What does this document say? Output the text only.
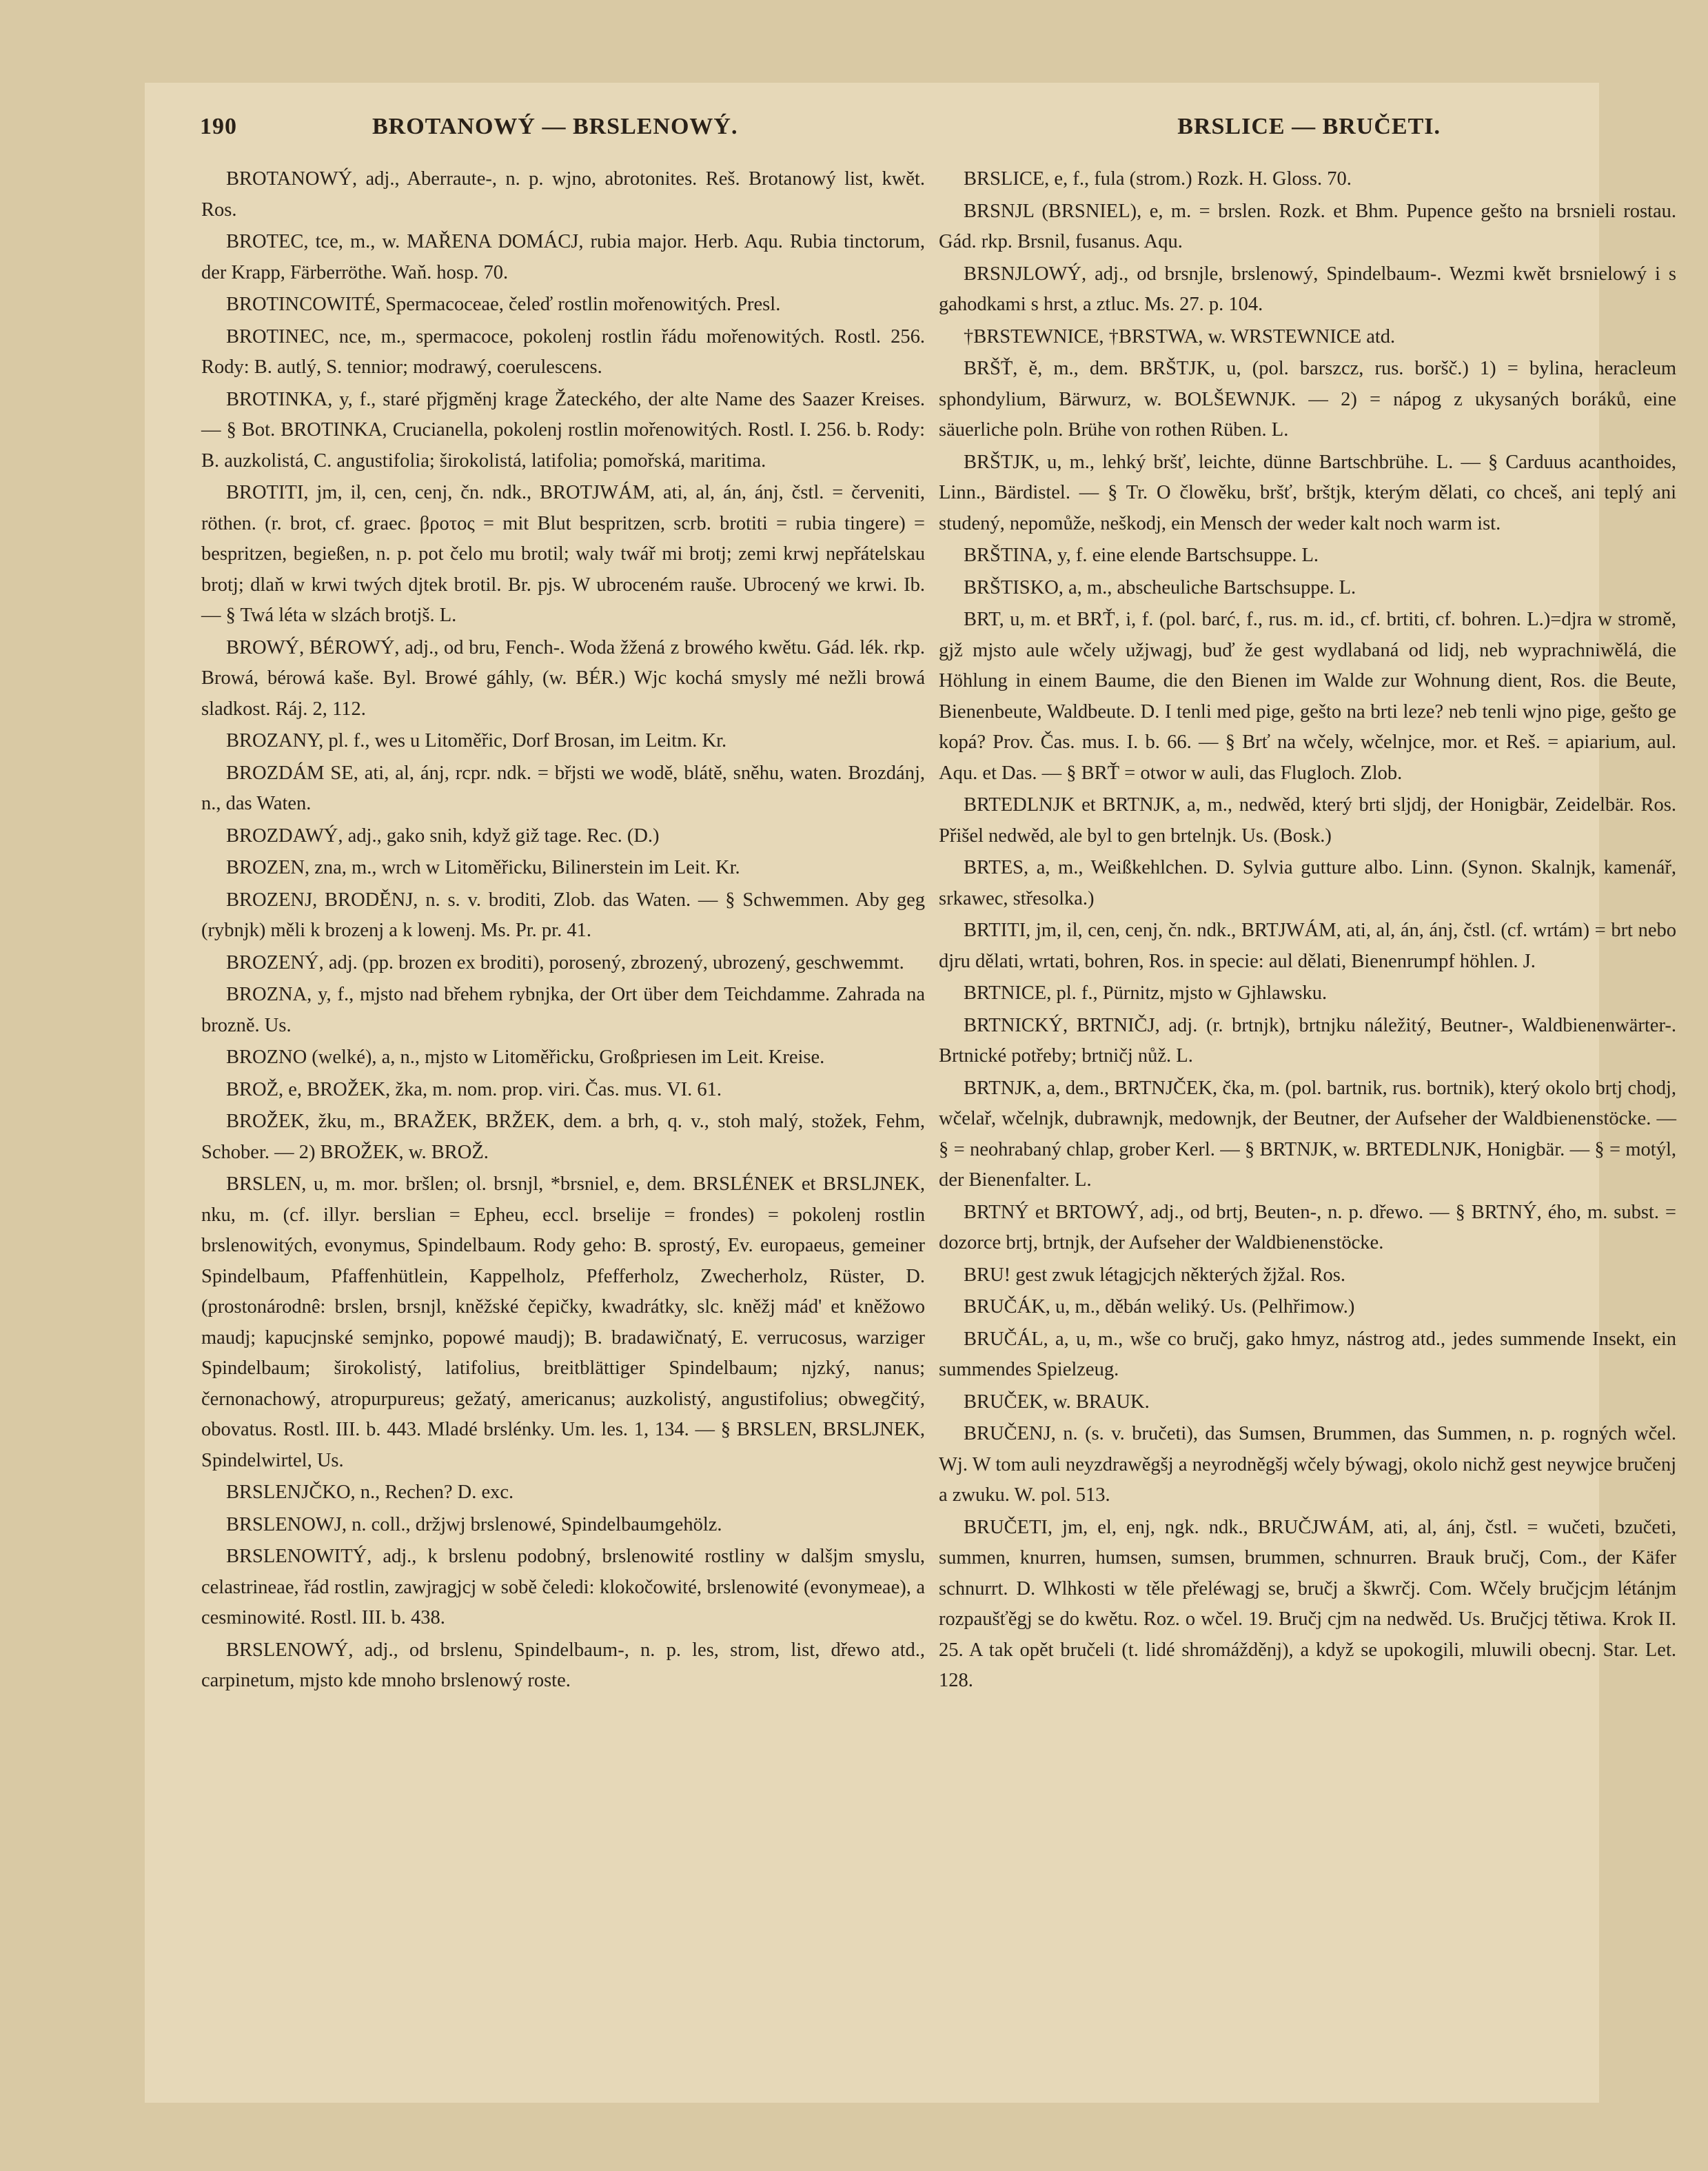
190	BROTANOWÝ — BRSLENOWÝ.	BRSLICE — BRUČETI.

BROTANOWÝ, adj., Aberraute-, n. p. wjno, abrotonites. Reš. Brotanowý list, kwět. Ros.

BROTEC, tce, m., w. MAŘENA DOMÁCJ, rubia major. Herb. Aqu. Rubia tinctorum, der Krapp, Färberröthe. Waň. hosp. 70.

BROTINCOWITÉ, Spermacoceae, čeleď rostlin mořenowitých. Presl.

BROTINEC, nce, m., spermacoce, pokolenj rostlin řádu mořenowitých. Rostl. 256. Rody: B. autlý, S. tennior; modrawý, coerulescens.

BROTINKA, y, f., staré přjgměnj krage Žateckého, der alte Name des Saazer Kreises. — § Bot. BROTINKA, Crucianella, pokolenj rostlin mořenowitých. Rostl. I. 256. b. Rody: B. auzkolistá, C. angustifolia; širokolistá, latifolia; pomořská, maritima.

BROTITI, jm, il, cen, cenj, čn. ndk., BROTJWÁM, ati, al, án, ánj, čstl. = červeniti, röthen. (r. brot, cf. graec. βροτος = mit Blut bespritzen, scrb. brotiti = rubia tingere) = bespritzen, begießen, n. p. pot čelo mu brotil; waly twář mi brotj; zemi krwj nepřátelskau brotj; dlaň w krwi twých djtek brotil. Br. pjs. W ubroceném rauše. Ubrocený we krwi. Ib. — § Twá léta w slzách brotjš. L.

BROWÝ, BÉROWÝ, adj., od bru, Fench-. Woda žžená z browého kwětu. Gád. lék. rkp. Browá, bérowá kaše. Byl. Browé gáhly, (w. BÉR.) Wjc kochá smysly mé nežli browá sladkost. Ráj. 2, 112.

BROZANY, pl. f., wes u Litoměřic, Dorf Brosan, im Leitm. Kr.

BROZDÁM SE, ati, al, ánj, rcpr. ndk. = břjsti we wodě, blátě, sněhu, waten. Brozdánj, n., das Waten.

BROZDAWÝ, adj., gako snih, když giž tage. Rec. (D.)

BROZEN, zna, m., wrch w Litoměřicku, Bilinerstein im Leit. Kr.

BROZENJ, BRODĚNJ, n. s. v. broditi, Zlob. das Waten. — § Schwemmen. Aby geg (rybnjk) měli k brozenj a k lowenj. Ms. Pr. pr. 41.

BROZENÝ, adj. (pp. brozen ex broditi), porosený, zbrozený, ubrozený, geschwemmt.

BROZNA, y, f., mjsto nad břehem rybnjka, der Ort über dem Teichdamme. Zahrada na brozně. Us.

BROZNO (welké), a, n., mjsto w Litoměřicku, Großpriesen im Leit. Kreise.

BROŽ, e, BROŽEK, žka, m. nom. prop. viri. Čas. mus. VI. 61.

BROŽEK, žku, m., BRAŽEK, BRŽEK, dem. a brh, q. v., stoh malý, stožek, Fehm, Schober. — 2) BROŽEK, w. BROŽ.

BRSLEN, u, m. mor. bršlen; ol. brsnjl, *brsniel, e, dem. BRSLÉNEK et BRSLJNEK, nku, m. (cf. illyr. berslian = Epheu, eccl. brselije = frondes) = pokolenj rostlin brslenowitých, evonymus, Spindelbaum. Rody geho: B. sprostý, Ev. europaeus, gemeiner Spindelbaum, Pfaffenhütlein, Kappelholz, Pfefferholz, Zwecherholz, Rüster, D. (prostonárodnê: brslen, brsnjl, kněžské čepičky, kwadrátky, slc. kněžj mád' et kněžowo maudj; kapucjnské semjnko, popowé maudj); B. bradawičnatý, E. verrucosus, warziger Spindelbaum; širokolistý, latifolius, breitblättiger Spindelbaum; njzký, nanus; černonachowý, atropurpureus; gežatý, americanus; auzkolistý, angustifolius; obwegčitý, obovatus. Rostl. III. b. 443. Mladé brslénky. Um. les. 1, 134. — § BRSLEN, BRSLJNEK, Spindelwirtel, Us.

BRSLENJČKO, n., Rechen? D. exc.

BRSLENOWJ, n. coll., držjwj brslenowé, Spindelbaumgehölz.

BRSLENOWITÝ, adj., k brslenu podobný, brslenowité rostliny w dalšjm smyslu, celastrineae, řád rostlin, zawjragjcj w sobě čeledi: klokočowité, brslenowité (evonymeae), a cesminowité. Rostl. III. b. 438.

BRSLENOWÝ, adj., od brslenu, Spindelbaum-, n. p. les, strom, list, dřewo atd., carpinetum, mjsto kde mnoho brslenowý roste.

BRSLICE, e, f., fula (strom.) Rozk. H. Gloss. 70.

BRSNJL (BRSNIEL), e, m. = brslen. Rozk. et Bhm. Pupence gešto na brsnieli rostau. Gád. rkp. Brsnil, fusanus. Aqu.

BRSNJLOWÝ, adj., od brsnjle, brslenowý, Spindelbaum-. Wezmi kwět brsnielowý i s gahodkami s hrst, a ztluc. Ms. 27. p. 104.

†BRSTEWNICE, †BRSTWA, w. WRSTEWNICE atd.

BRŠŤ, ě, m., dem. BRŠTJK, u, (pol. barszcz, rus. boršč.) 1) = bylina, heracleum sphondylium, Bärwurz, w. BOLŠEWNJK. — 2) = nápog z ukysaných boráků, eine säuerliche poln. Brühe von rothen Rüben. L.

BRŠTJK, u, m., lehký bršť, leichte, dünne Bartschbrühe. L. — § Carduus acanthoides, Linn., Bärdistel. — § Tr. O člowěku, bršť, brštjk, kterým dělati, co chceš, ani teplý ani studený, nepomůže, neškodj, ein Mensch der weder kalt noch warm ist.

BRŠTINA, y, f. eine elende Bartschsuppe. L.

BRŠTISKO, a, m., abscheuliche Bartschsuppe. L.

BRT, u, m. et BRŤ, i, f. (pol. barć, f., rus. m. id., cf. brtiti, cf. bohren. L.)=djra w stromě, gjž mjsto aule wčely užjwagj, buď že gest wydlabaná od lidj, neb wyprachniwělá, die Höhlung in einem Baume, die den Bienen im Walde zur Wohnung dient, Ros. die Beute, Bienenbeute, Waldbeute. D. I tenli med pige, gešto na brti leze? neb tenli wjno pige, gešto ge kopá? Prov. Čas. mus. I. b. 66. — § Brť na wčely, wčelnjce, mor. et Reš. = apiarium, aul. Aqu. et Das. — § BRŤ = otwor w auli, das Flugloch. Zlob.

BRTEDLNJK et BRTNJK, a, m., nedwěd, který brti sljdj, der Honigbär, Zeidelbär. Ros. Přišel nedwěd, ale byl to gen brtelnjk. Us. (Bosk.)

BRTES, a, m., Weißkehlchen. D. Sylvia gutture albo. Linn. (Synon. Skalnjk, kamenář, srkawec, střesolka.)

BRTITI, jm, il, cen, cenj, čn. ndk., BRTJWÁM, ati, al, án, ánj, čstl. (cf. wrtám) = brt nebo djru dělati, wrtati, bohren, Ros. in specie: aul dělati, Bienenrumpf höhlen. J.

BRTNICE, pl. f., Pürnitz, mjsto w Gjhlawsku.

BRTNICKÝ, BRTNIČJ, adj. (r. brtnjk), brtnjku náležitý, Beutner-, Waldbienenwärter-. Brtnické potřeby; brtničj nůž. L.

BRTNJK, a, dem., BRTNJČEK, čka, m. (pol. bartnik, rus. bortnik), který okolo brtj chodj, wčelař, wčelnjk, dubrawnjk, medownjk, der Beutner, der Aufseher der Waldbienenstöcke. — § = neohrabaný chlap, grober Kerl. — § BRTNJK, w. BRTEDLNJK, Honigbär. — § = motýl, der Bienenfalter. L.

BRTNÝ et BRTOWÝ, adj., od brtj, Beuten-, n. p. dřewo. — § BRTNÝ, ého, m. subst. = dozorce brtj, brtnjk, der Aufseher der Waldbienenstöcke.

BRU! gest zwuk létagjcjch některých žjžal. Ros.

BRUČÁK, u, m., děbán weliký. Us. (Pelhřimow.)

BRUČÁL, a, u, m., wše co bručj, gako hmyz, nástrog atd., jedes summende Insekt, ein summendes Spielzeug.

BRUČEK, w. BRAUK.

BRUČENJ, n. (s. v. bručeti), das Sumsen, Brummen, das Summen, n. p. rogných wčel. Wj. W tom auli neyzdrawěgšj a neyrodněgšj wčely býwagj, okolo nichž gest neywjce bručenj a zwuku. W. pol. 513.

BRUČETI, jm, el, enj, ngk. ndk., BRUČJWÁM, ati, al, ánj, čstl. = wučeti, bzučeti, summen, knurren, humsen, sumsen, brummen, schnurren. Brauk bručj, Com., der Käfer schnurrt. D. Wlhkosti w těle přeléwagj se, bručj a škwrčj. Com. Wčely bručjcjm létánjm rozpaušťěgj se do kwětu. Roz. o wčel. 19. Bručj cjm na nedwěd. Us. Bručjcj tětiwa. Krok II. 25. A tak opět bručeli (t. lidé shromážděnj), a když se upokogili, mluwili obecnj. Star. Let. 128.
